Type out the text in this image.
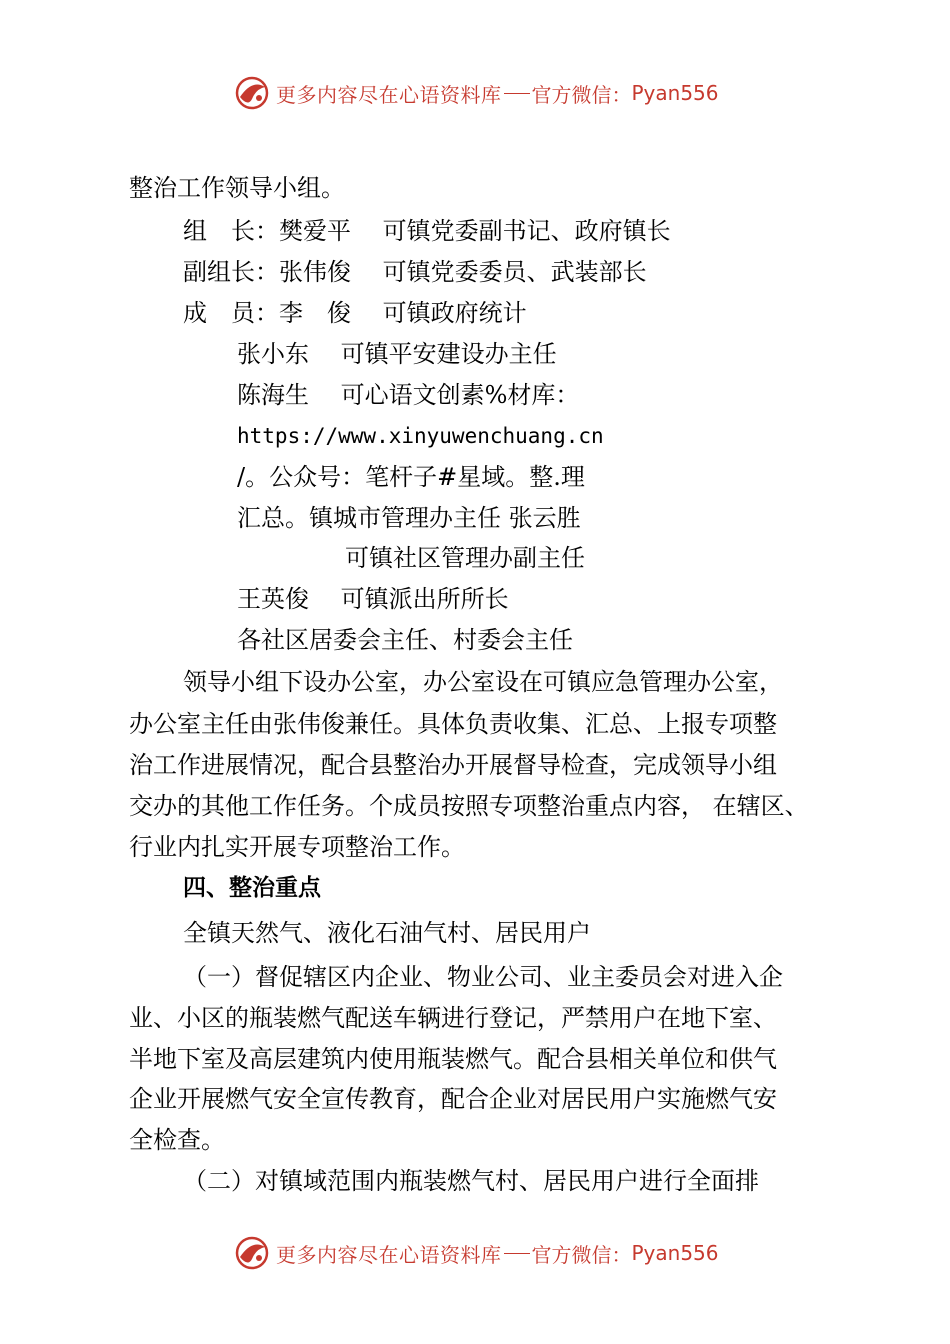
更多内容尽在心语资料库 官方微信： Pyan556
整治工作领导小组。
组　长：樊爱平　 可镇党委副书记、政府镇长
副组长：张伟俊　 可镇党委委员、武装部长
成　员：李　俊　 可镇政府统计
张小东　 可镇平安建设办主任
陈海生　 可心语文创素%材库：
https://www.xinyuwenchuang.cn
/。公众号：笔杆子#星域。整.理
汇总。镇城市管理办主任 张云胜
可镇社区管理办副主任
王英俊　 可镇派出所所长
各社区居委会主任、村委会主任
领导小组下设办公室，办公室设在可镇应急管理办公室，
办公室主任由张伟俊兼任。具体负责收集、汇总、上报专项整
治工作进展情况，配合县整治办开展督导检查，完成领导小组
交办的其他工作任务。个成员按照专项整治重点内容， 在辖区、
行业内扎实开展专项整治工作。
四、整治重点
全镇天然气、液化石油气村、居民用户
（一）督促辖区内企业、物业公司、业主委员会对进入企
业、小区的瓶装燃气配送车辆进行登记，严禁用户在地下室、
半地下室及高层建筑内使用瓶装燃气。配合县相关单位和供气
企业开展燃气安全宣传教育，配合企业对居民用户实施燃气安
全检查。
（二）对镇域范围内瓶装燃气村、居民用户进行全面排
更多内容尽在心语资料库 官方微信： Pyan556
